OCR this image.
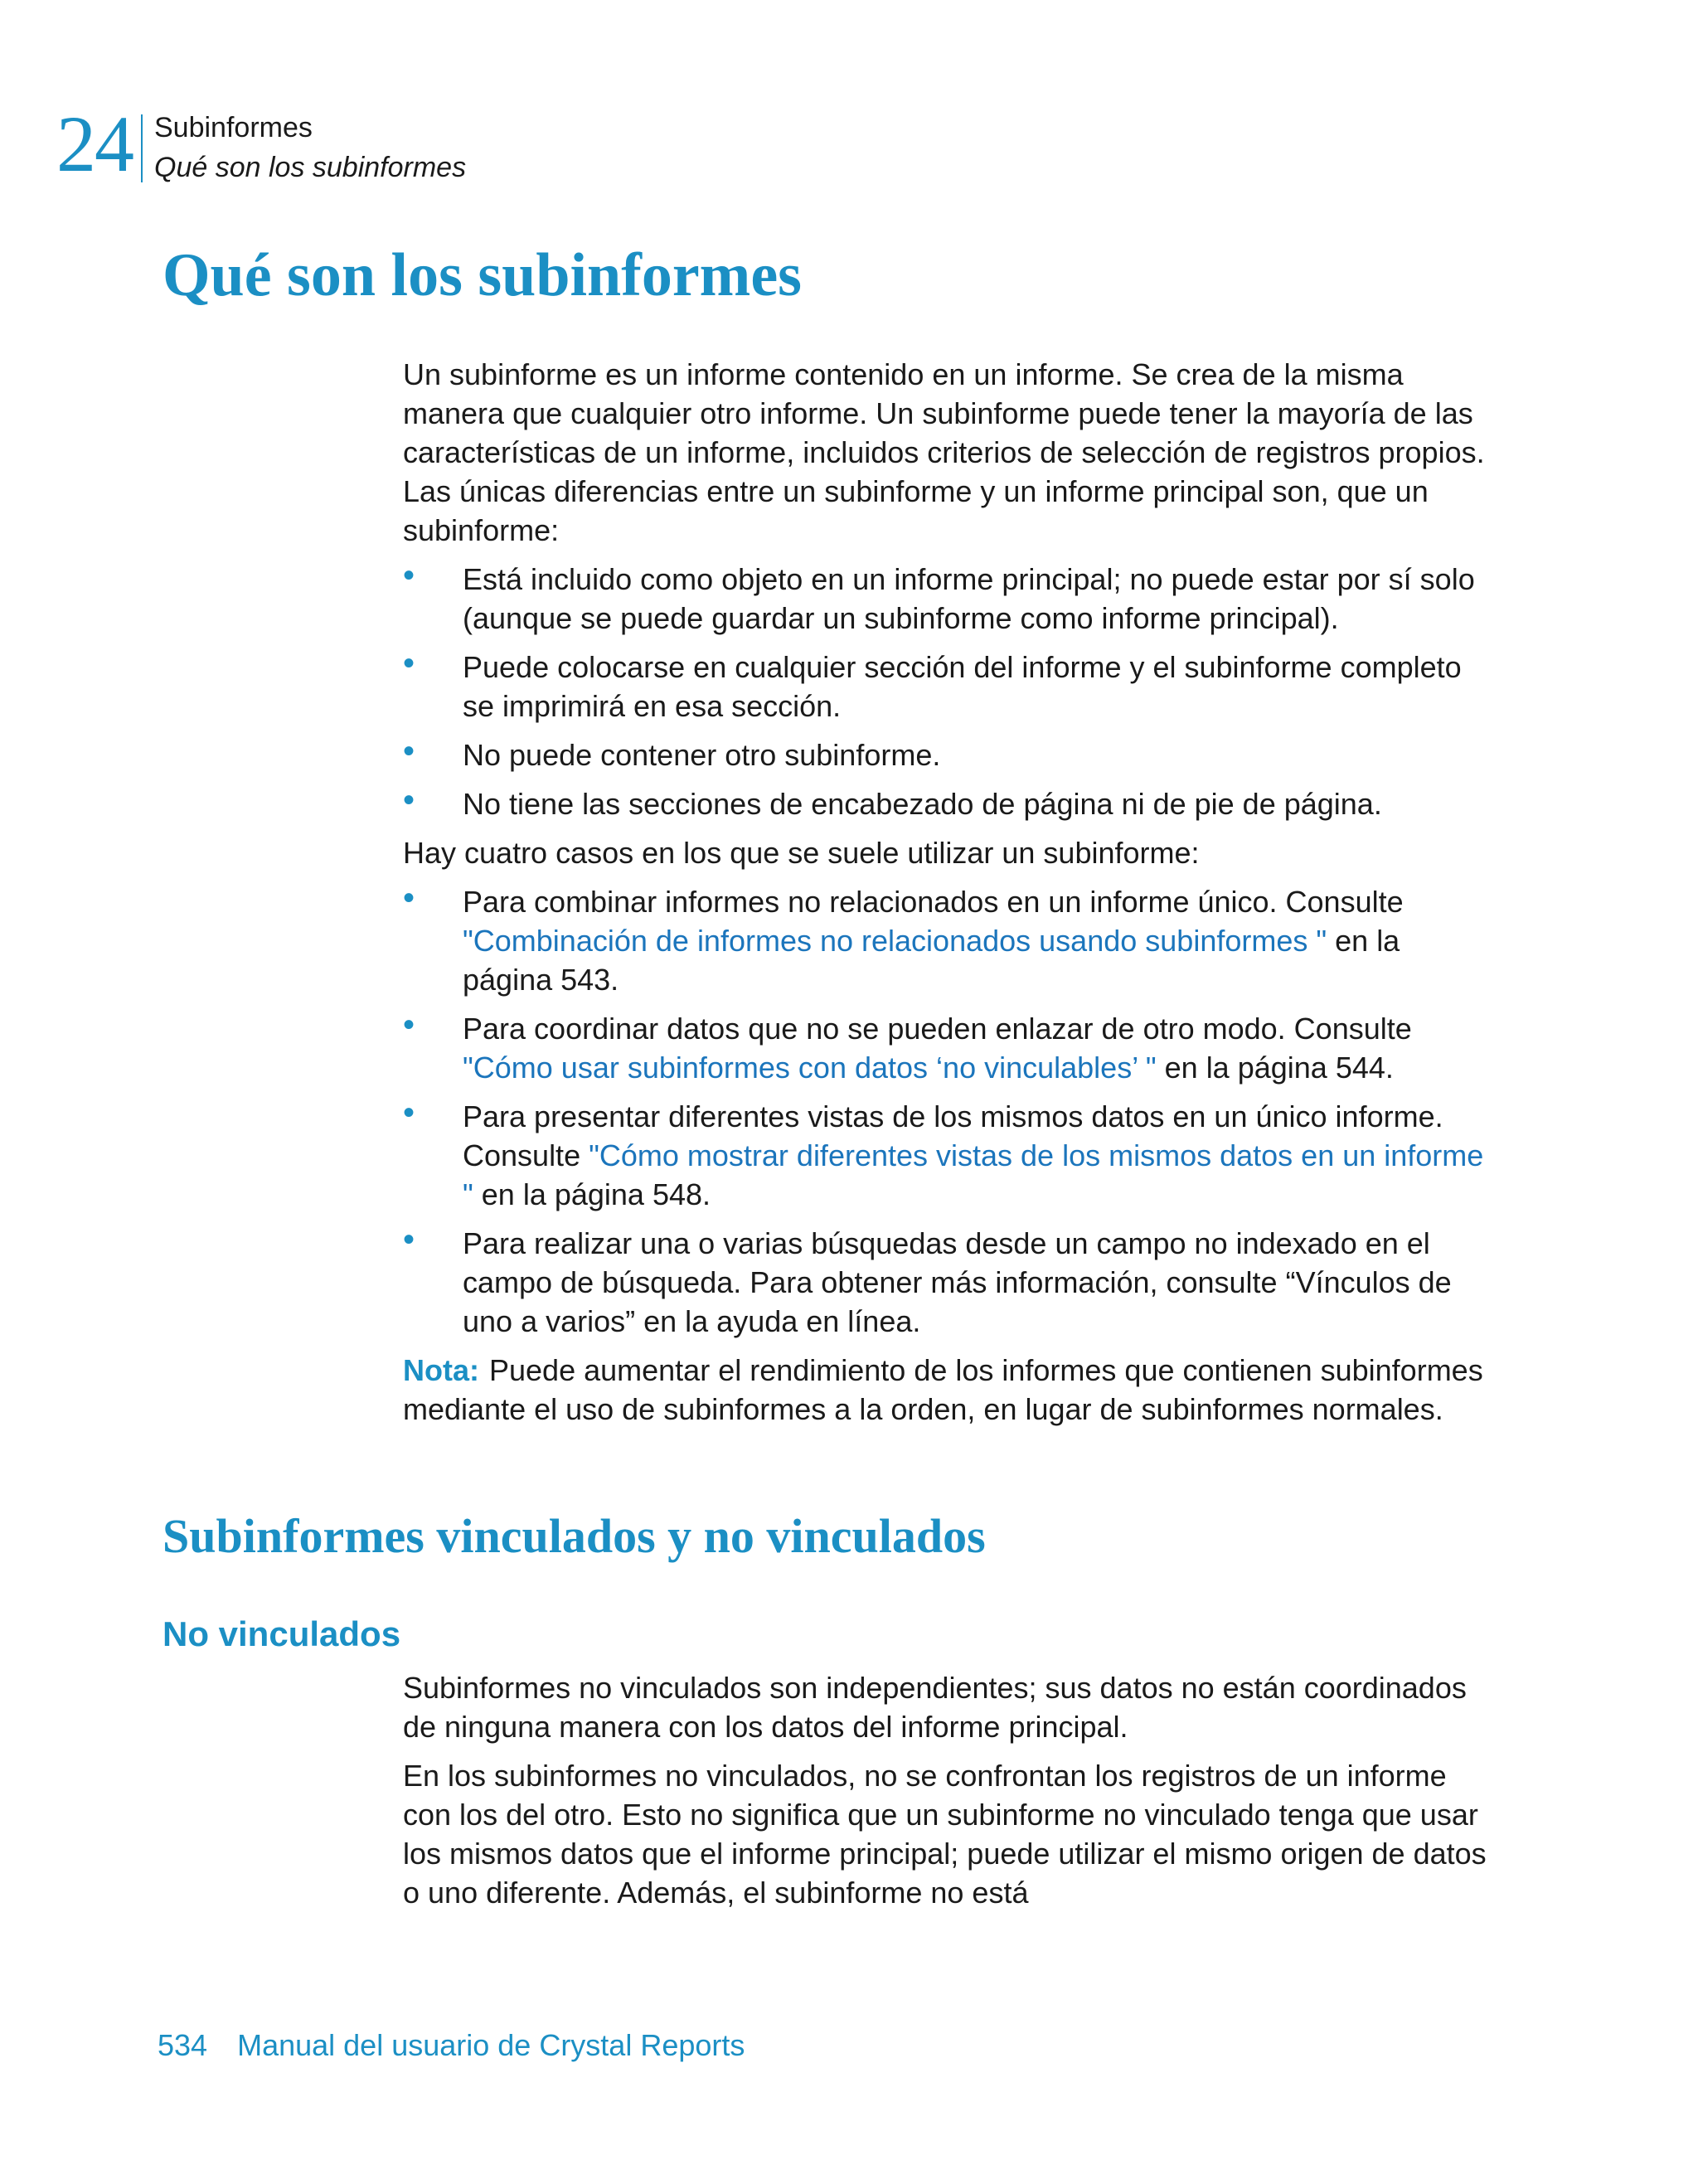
24 Subinformes
Qué son los subinformes
Qué son los subinformes

Un subinforme es un informe contenido en un informe. Se crea de la misma manera que cualquier otro informe. Un subinforme puede tener la mayoría de las características de un informe, incluidos criterios de selección de registros propios. Las únicas diferencias entre un subinforme y un informe principal son, que un subinforme:

• Está incluido como objeto en un informe principal; no puede estar por sí solo (aunque se puede guardar un subinforme como informe principal).
• Puede colocarse en cualquier sección del informe y el subinforme completo se imprimirá en esa sección.
• No puede contener otro subinforme.
• No tiene las secciones de encabezado de página ni de pie de página.

Hay cuatro casos en los que se suele utilizar un subinforme:

• Para combinar informes no relacionados en un informe único. Consulte "Combinación de informes no relacionados usando subinformes " en la página 543.
• Para coordinar datos que no se pueden enlazar de otro modo. Consulte "Cómo usar subinformes con datos ‘no vinculables’ " en la página 544.
• Para presentar diferentes vistas de los mismos datos en un único informe. Consulte "Cómo mostrar diferentes vistas de los mismos datos en un informe " en la página 548.
• Para realizar una o varias búsquedas desde un campo no indexado en el campo de búsqueda. Para obtener más información, consulte “Vínculos de uno a varios” en la ayuda en línea.

Nota: Puede aumentar el rendimiento de los informes que contienen subinformes mediante el uso de subinformes a la orden, en lugar de subinformes normales.

Subinformes vinculados y no vinculados
No vinculados

Subinformes no vinculados son independientes; sus datos no están coordinados de ninguna manera con los datos del informe principal.

En los subinformes no vinculados, no se confrontan los registros de un informe con los del otro. Esto no significa que un subinforme no vinculado tenga que usar los mismos datos que el informe principal; puede utilizar el mismo origen de datos o uno diferente. Además, el subinforme no está

534 Manual del usuario de Crystal Reports
